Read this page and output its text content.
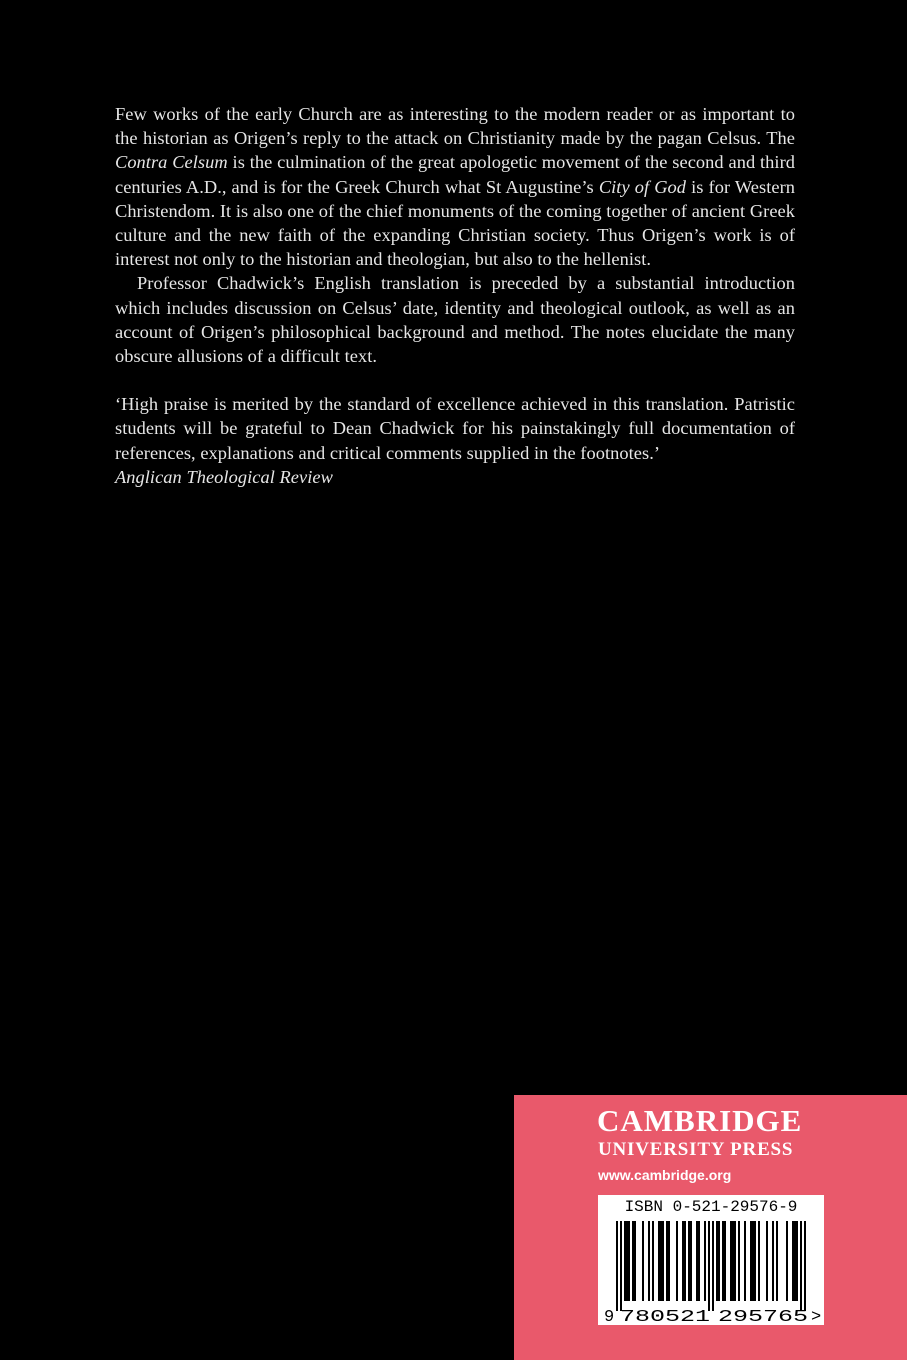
Few works of the early Church are as interesting to the modern reader or as important to the historian as Origen’s reply to the attack on Christianity made by the pagan Celsus. The Contra Celsum is the culmination of the great apologetic movement of the second and third centuries A.D., and is for the Greek Church what St Augustine’s City of God is for Western Christendom. It is also one of the chief monuments of the coming together of ancient Greek culture and the new faith of the expanding Christian society. Thus Origen’s work is of interest not only to the historian and theologian, but also to the hellenist.

Professor Chadwick’s English translation is preceded by a substantial introduction which includes discussion on Celsus’ date, identity and theological outlook, as well as an account of Origen’s philosophical background and method. The notes elucidate the many obscure allusions of a difficult text.

‘High praise is merited by the standard of excellence achieved in this translation. Patristic students will be grateful to Dean Chadwick for his painstakingly full documentation of references, explanations and critical comments supplied in the footnotes.’

Anglican Theological Review

CAMBRIDGE
UNIVERSITY PRESS
www.cambridge.org
ISBN 0-521-29576-9
9 780521 295765 >
